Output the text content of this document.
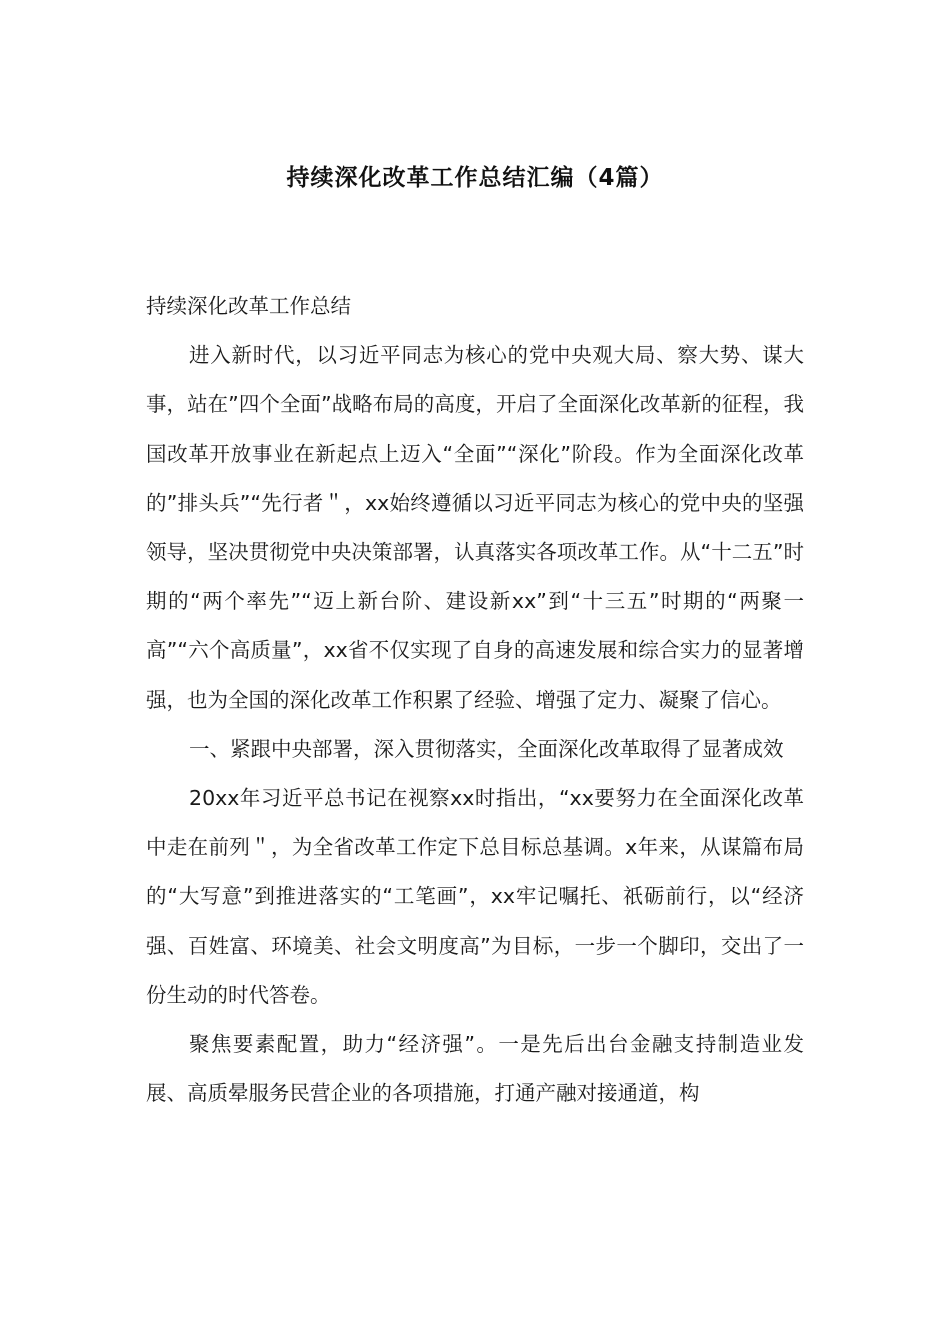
持续深化改革工作总结汇编（4篇）

持续深化改革工作总结

进入新时代，以习近平同志为核心的党中央观大局、察大势、谋大事，站在”四个全面”战略布局的高度，开启了全面深化改革新的征程，我国改革开放事业在新起点上迈入“全面”“深化”阶段。作为全面深化改革的”排头兵”“先行者＂，xx始终遵循以习近平同志为核心的党中央的坚强领导，坚决贯彻党中央决策部署，认真落实各项改革工作。从“十二五”时期的“两个率先”“迈上新台阶、建设新xx”到“十三五”时期的“两聚一高”“六个高质量”，xx省不仅实现了自身的高速发展和综合实力的显著增强，也为全国的深化改革工作积累了经验、增强了定力、凝聚了信心。

一、紧跟中央部署，深入贯彻落实，全面深化改革取得了显著成效

20xx年习近平总书记在视察xx时指出，“xx要努力在全面深化改革中走在前列＂，为全省改革工作定下总目标总基调。x年来，从谋篇布局的“大写意”到推进落实的“工笔画”，xx牢记嘱托、祇砺前行，以“经济强、百姓富、环境美、社会文明度高”为目标，一步一个脚印，交出了一份生动的时代答卷。

聚焦要素配置，助力“经济强”。一是先后出台金融支持制造业发展、高质晕服务民营企业的各项措施，打通产融对接通道，构
